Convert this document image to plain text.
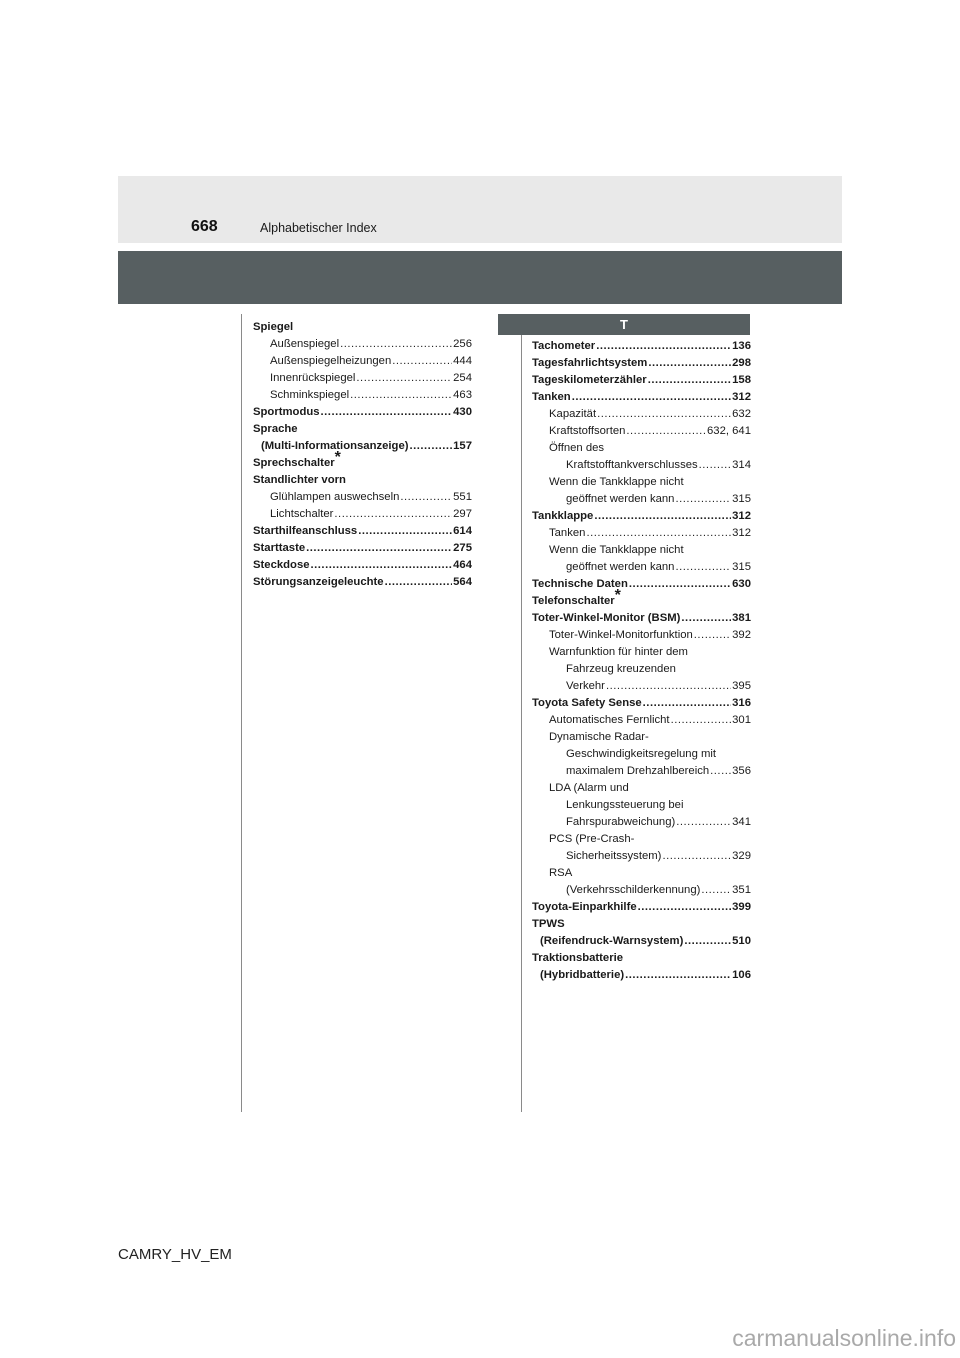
668	Alphabetischer Index
Spiegel
Außenspiegel .....	256
Außenspiegelheizungen .....	444
Innenrückspiegel .....	254
Schminkspiegel .....	463
Sportmodus .....	430
Sprache
(Multi-Informationsanzeige) .....	157
Sprechschalter*
Standlichter vorn
Glühlampen auswechseln .....	551
Lichtschalter .....	297
Starthilfeanschluss .....	614
Starttaste .....	275
Steckdose .....	464
Störungsanzeigeleuchte .....	564
T
Tachometer .....	136
Tagesfahrlichtsystem .....	298
Tageskilometerzähler .....	158
Tanken .....	312
Kapazität .....	632
Kraftstoffsorten .....	632, 641
Öffnen des
Kraftstofftankverschlusses .....	314
Wenn die Tankklappe nicht
geöffnet werden kann .....	315
Tankklappe .....	312
Tanken .....	312
Wenn die Tankklappe nicht
geöffnet werden kann .....	315
Technische Daten .....	630
Telefonschalter*
Toter-Winkel-Monitor (BSM) .....	381
Toter-Winkel-Monitorfunktion .....	392
Warnfunktion für hinter dem
Fahrzeug kreuzenden
Verkehr .....	395
Toyota Safety Sense .....	316
Automatisches Fernlicht .....	301
Dynamische Radar-
Geschwindigkeitsregelung mit
maximalem Drehzahlbereich ..... 356
LDA (Alarm und
Lenkungssteuerung bei
Fahrspurabweichung) .....	341
PCS (Pre-Crash-
Sicherheitssystem) .....	329
RSA
(Verkehrsschilderkennung) .....	351
Toyota-Einparkhilfe .....	399
TPWS
(Reifendruck-Warnsystem) .....	510
Traktionsbatterie
(Hybridbatterie) .....	106
CAMRY_HV_EM
carmanualsonline.info
